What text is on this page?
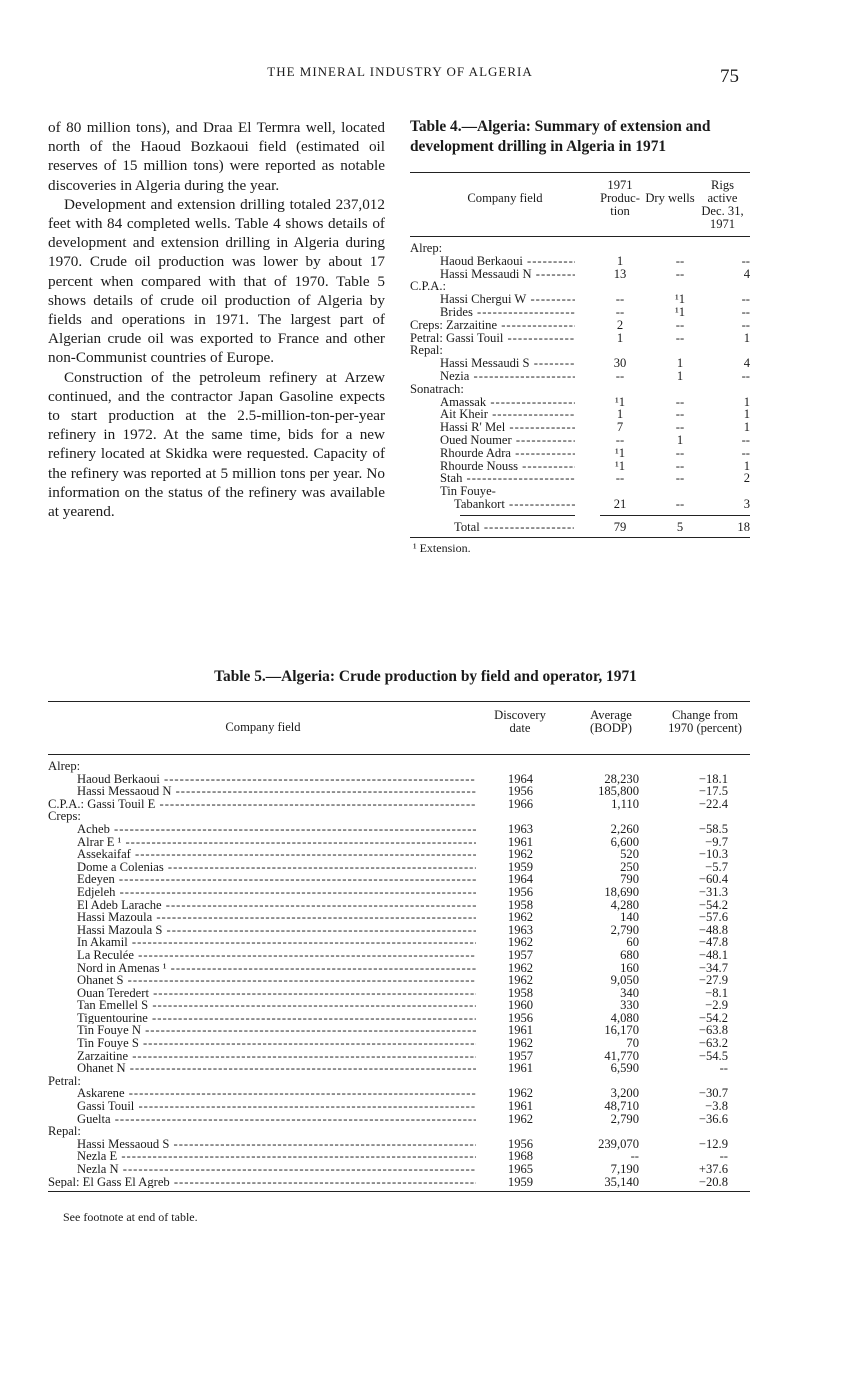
THE MINERAL INDUSTRY OF ALGERIA	75

of 80 million tons), and Draa El Termra well, located north of the Haoud Bozkaoui field (estimated oil reserves of 15 million tons) were reported as notable discoveries in Algeria during the year.

Development and extension drilling totaled 237,012 feet with 84 completed wells. Table 4 shows details of development and extension drilling in Algeria during 1970. Crude oil production was lower by about 17 percent when compared with that of 1970. Table 5 shows details of crude oil production of Algeria by fields and operations in 1971. The largest part of Algerian crude oil was exported to France and other non-Communist countries of Europe.

Construction of the petroleum refinery at Arzew continued, and the contractor Japan Gasoline expects to start production at the 2.5-million-ton-per-year refinery in 1972. At the same time, bids for a new refinery located at Skidka were requested. Capacity of the refinery was reported at 5 million tons per year. No information on the status of the refinery was available at yearend.

Table 4.—Algeria: Summary of extension and development drilling in Algeria in 1971
Company field
1971 Produc- tion
Dry wells
Rigs active Dec. 31, 1971
Alrep:
Haoud Berkaoui -----	1	--	--
Hassi Messaudi N -----	13	--	4
C.P.A.:
Hassi Chergui W -----	--	¹1	--
Brides -----	--	¹1	--
Creps: Zarzaitine -----	2	--	--
Petral: Gassi Touil -----	1	--	1
Repal:
Hassi Messaudi S -----	30	1	4
Nezia -----	--	1	--
Sonatrach:
Amassak -----	¹1	--	1
Ait Kheir -----	1	--	1
Hassi R' Mel -----	7	--	1
Oued Noumer -----	--	1	--
Rhourde Adra -----	¹1	--	--
Rhourde Nouss -----	¹1	--	1
Stah -----	--	--	2
Tin Fouye-
Tabankort -----	21	--	3
Total -----	79	5	18
¹ Extension.
Table 5.—Algeria: Crude production by field and operator, 1971
Company field
Discovery date
Average (BODP)
Change from 1970 (percent)
Alrep:
Haoud Berkaoui -----	1964	28,230	−18.1
Hassi Messaoud N -----	1956	185,800	−17.5
C.P.A.: Gassi Touil E -----	1966	1,110	−22.4
Creps:
Acheb -----	1963	2,260	−58.5
Alrar E ¹ -----	1961	6,600	−9.7
Assekaifaf -----	1962	520	−10.3
Dome a Colenias -----	1959	250	−5.7
Edeyen -----	1964	790	−60.4
Edjeleh -----	1956	18,690	−31.3
El Adeb Larache -----	1958	4,280	−54.2
Hassi Mazoula -----	1962	140	−57.6
Hassi Mazoula S -----	1963	2,790	−48.8
In Akamil -----	1962	60	−47.8
La Reculée -----	1957	680	−48.1
Nord in Amenas ¹ -----	1962	160	−34.7
Ohanet S -----	1962	9,050	−27.9
Ouan Teredert -----	1958	340	−8.1
Tan Emellel S -----	1960	330	−2.9
Tiguentourine -----	1956	4,080	−54.2
Tin Fouye N -----	1961	16,170	−63.8
Tin Fouye S -----	1962	70	−63.2
Zarzaitine -----	1957	41,770	−54.5
Ohanet N -----	1961	6,590	--
Petral:
Askarene -----	1962	3,200	−30.7
Gassi Touil -----	1961	48,710	−3.8
Guelta -----	1962	2,790	−36.6
Repal:
Hassi Messaoud S -----	1956	239,070	−12.9
Nezla E -----	1968	--	--
Nezla N -----	1965	7,190	+37.6
Sepal: El Gass El Agreb -----	1959	35,140	−20.8
See footnote at end of table.
